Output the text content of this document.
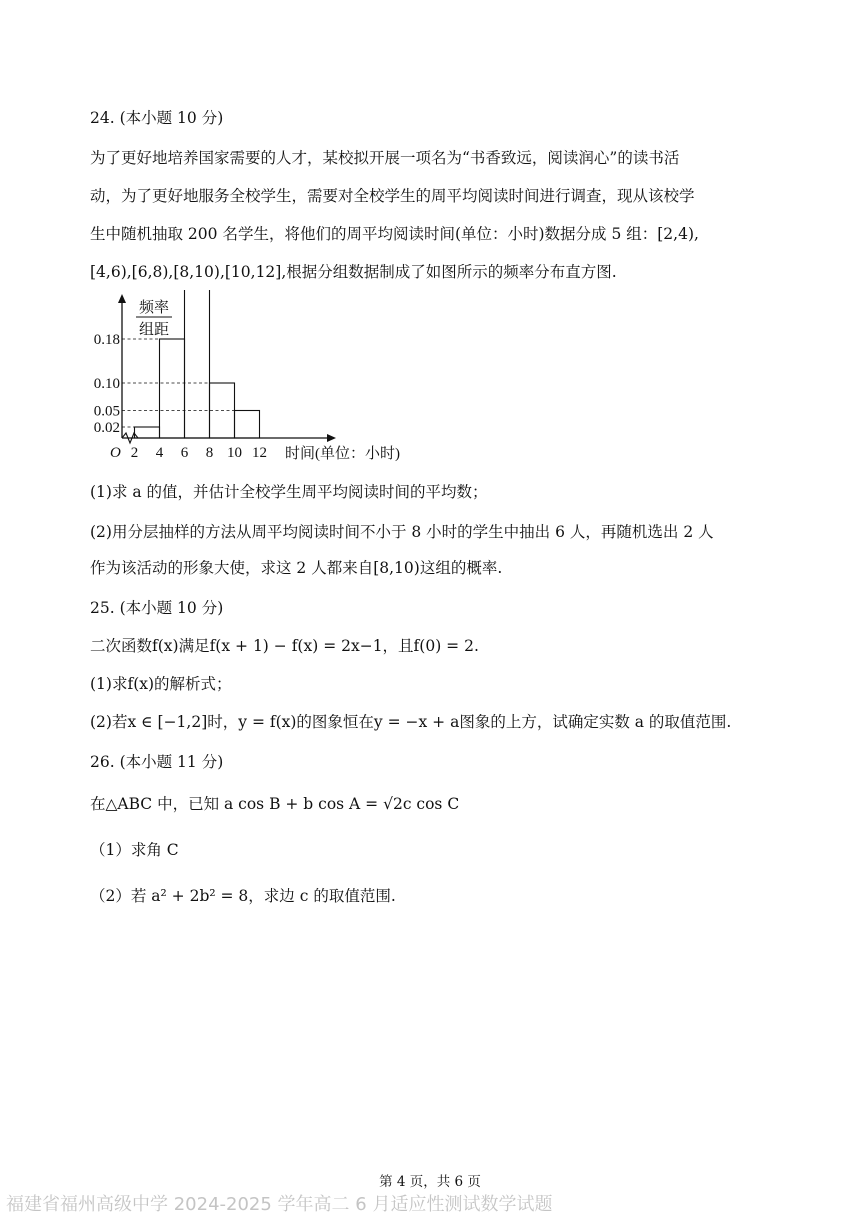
24. (本小题 10 分)
为了更好地培养国家需要的人才，某校拟开展一项名为“书香致远，阅读润心”的读书活
动，为了更好地服务全校学生，需要对全校学生的周平均阅读时间进行调查，现从该校学
生中随机抽取 200 名学生，将他们的周平均阅读时间(单位：小时)数据分成 5 组：[2,4),
[4,6),[6,8),[8,10),[10,12],根据分组数据制成了如图所示的频率分布直方图.
频率
组距
0.18
0.10
0.05
0.02
O 2 4 6 8 10 12 时间(单位：小时)
(1)求 a 的值，并估计全校学生周平均阅读时间的平均数；
(2)用分层抽样的方法从周平均阅读时间不小于 8 小时的学生中抽出 6 人，再随机选出 2 人
作为该活动的形象大使，求这 2 人都来自[8,10)这组的概率.
25. (本小题 10 分)
二次函数f(x)满足f(x + 1) − f(x) = 2x−1，且f(0) = 2.
(1)求f(x)的解析式；
(2)若x ∈ [−1,2]时，y = f(x)的图象恒在y = −x + a图象的上方，试确定实数 a 的取值范围.
26. (本小题 11 分)
在△ABC 中，已知 a cos B + b cos A = √2c cos C
（1）求角 C
（2）若 a² + 2b² = 8，求边 c 的取值范围.
第 4 页，共 6 页
福建省福州高级中学 2024-2025 学年高二 6 月适应性测试数学试题
